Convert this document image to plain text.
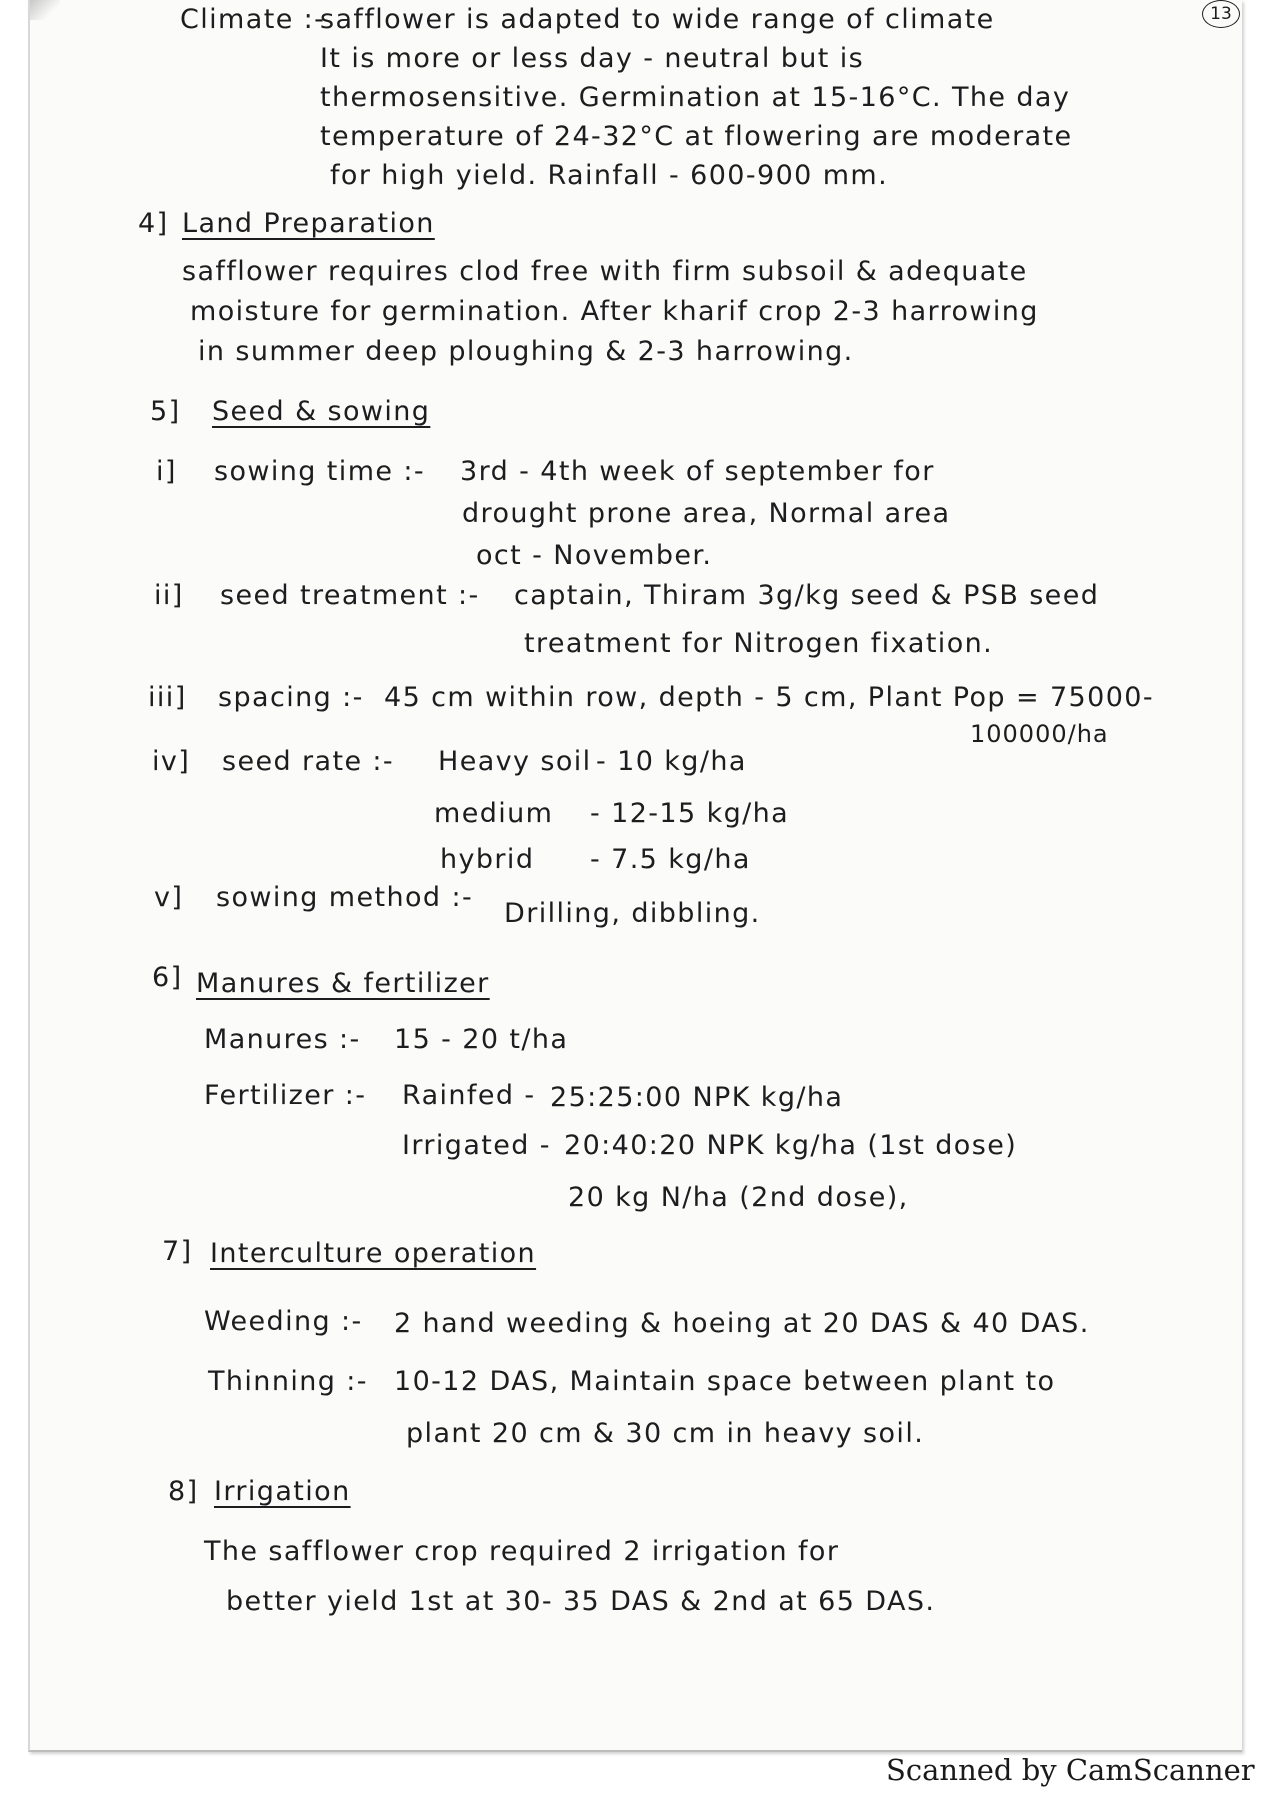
13
Climate :-
safflower is adapted to wide range of climate
It is more or less day - neutral but is
thermosensitive. Germination at 15-16°C. The day
temperature of 24-32°C at flowering are moderate
for high yield. Rainfall - 600-900 mm.
4] Land Preparation
safflower requires clod free with firm subsoil & adequate
moisture for germination. After kharif crop 2-3 harrowing
in summer deep ploughing & 2-3 harrowing.
5] Seed & sowing
i] sowing time :- 3rd - 4th week of september for
drought prone area, Normal area
oct - November.
ii] seed treatment :- captain, Thiram 3g/kg seed & PSB seed
treatment for Nitrogen fixation.
iii] spacing :- 45 cm within row, depth - 5 cm, Plant Pop = 75000-
100000/ha
iv] seed rate :- Heavy soil - 10 kg/ha
medium - 12-15 kg/ha
hybrid - 7.5 kg/ha
v] sowing method :-
Drilling, dibbling.
6] Manures & fertilizer
Manures :- 15 - 20 t/ha
Fertilizer :- Rainfed - 25:25:00 NPK kg/ha
Irrigated - 20:40:20 NPK kg/ha (1st dose)
20 kg N/ha (2nd dose),
7] Interculture operation
Weeding :- 2 hand weeding & hoeing at 20 DAS & 40 DAS.
Thinning :- 10-12 DAS, Maintain space between plant to
plant 20 cm & 30 cm in heavy soil.
8] Irrigation
The safflower crop required 2 irrigation for
better yield 1st at 30- 35 DAS & 2nd at 65 DAS.
Scanned by CamScanner
